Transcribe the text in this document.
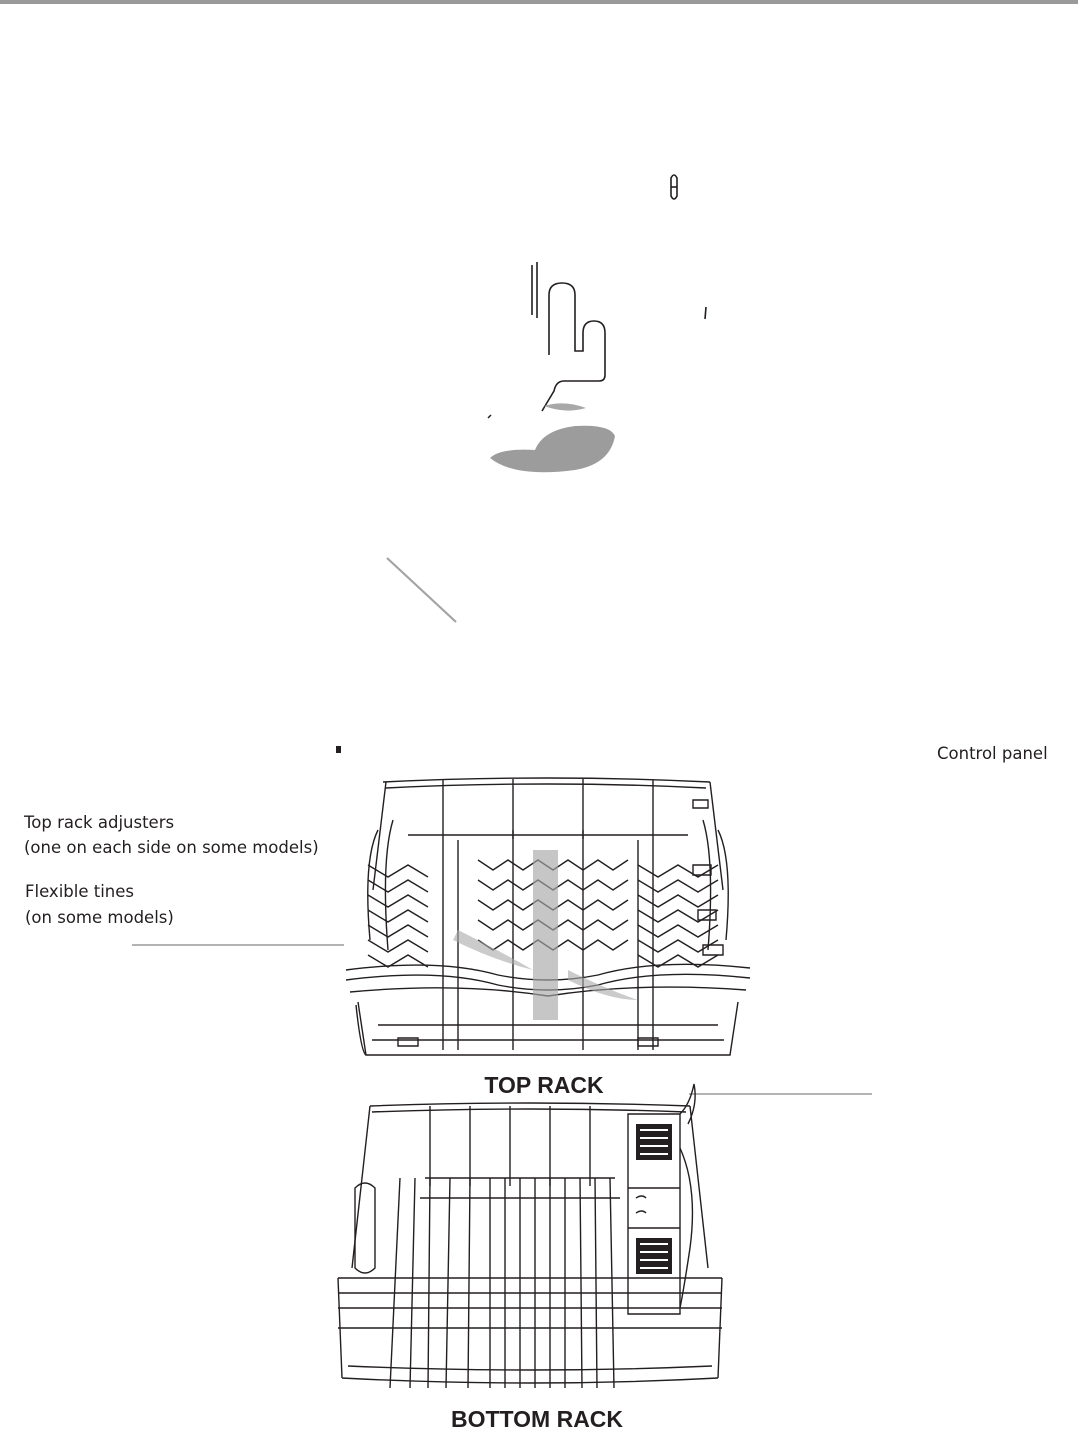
Control panel
Top rack adjusters
(one on each side on some models)
Flexible tines
(on some models)
TOP RACK
BOTTOM RACK
